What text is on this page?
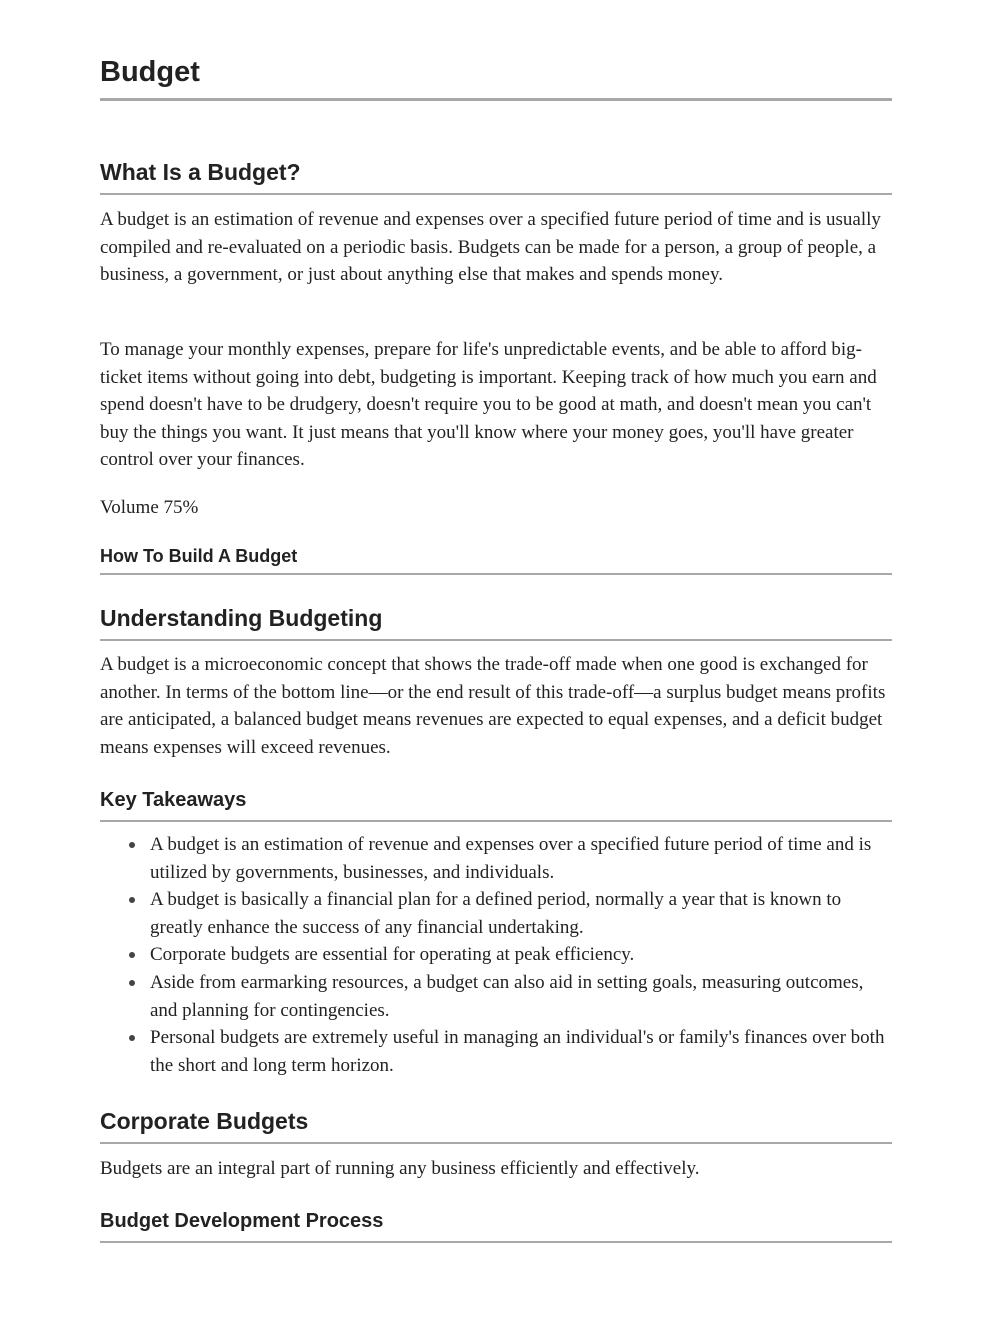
Budget
What Is a Budget?

A budget is an estimation of revenue and expenses over a specified future period of time and is usually compiled and re-evaluated on a periodic basis. Budgets can be made for a person, a group of people, a business, a government, or just about anything else that makes and spends money.

To manage your monthly expenses, prepare for life's unpredictable events, and be able to afford big-ticket items without going into debt, budgeting is important. Keeping track of how much you earn and spend doesn't have to be drudgery, doesn't require you to be good at math, and doesn't mean you can't buy the things you want. It just means that you'll know where your money goes, you'll have greater control over your finances.

Volume 75%

How To Build A Budget
Understanding Budgeting

A budget is a microeconomic concept that shows the trade-off made when one good is exchanged for another. In terms of the bottom line—or the end result of this trade-off—a surplus budget means profits are anticipated, a balanced budget means revenues are expected to equal expenses, and a deficit budget means expenses will exceed revenues.

Key Takeaways
A budget is an estimation of revenue and expenses over a specified future period of time and is utilized by governments, businesses, and individuals.
A budget is basically a financial plan for a defined period, normally a year that is known to greatly enhance the success of any financial undertaking.
Corporate budgets are essential for operating at peak efficiency.
Aside from earmarking resources, a budget can also aid in setting goals, measuring outcomes, and planning for contingencies.
Personal budgets are extremely useful in managing an individual's or family's finances over both the short and long term horizon.
Corporate Budgets

Budgets are an integral part of running any business efficiently and effectively.

Budget Development Process
